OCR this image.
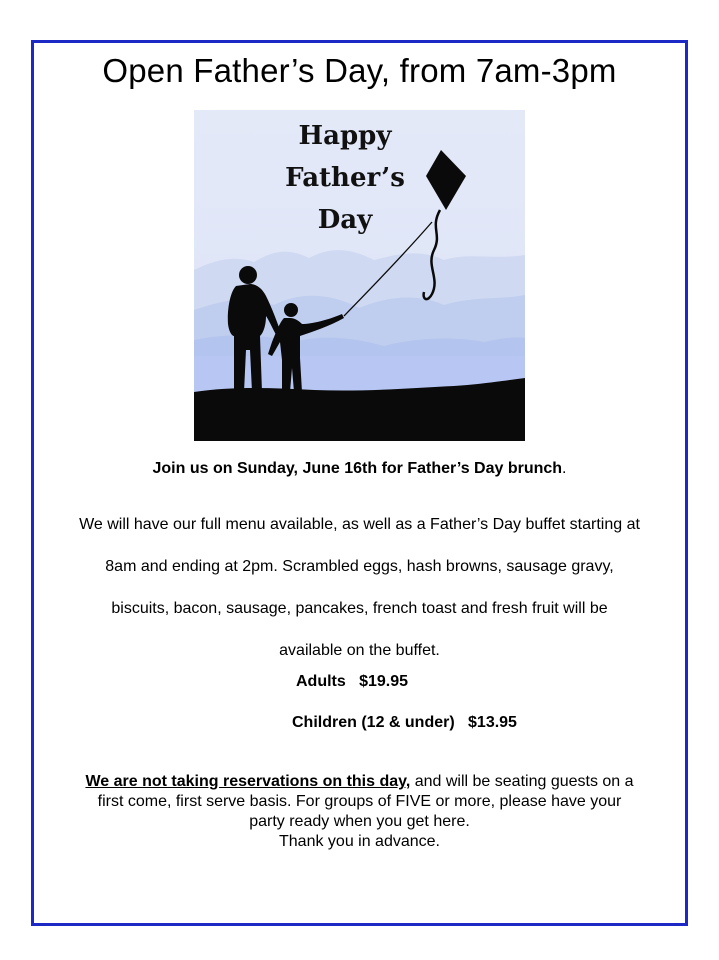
Open Father’s Day, from 7am-3pm
Happy
Father’s
Day
Join us on Sunday, June 16th for Father’s Day brunch.
We will have our full menu available, as well as a Father’s Day buffet starting at
8am and ending at 2pm. Scrambled eggs, hash browns, sausage gravy,
biscuits, bacon, sausage, pancakes, french toast and fresh fruit will be
available on the buffet.
Adults   $19.95
Children (12 & under)   $13.95
We are not taking reservations on this day, and will be seating guests on a
first come, first serve basis. For groups of FIVE or more, please have your
party ready when you get here.
Thank you in advance.
